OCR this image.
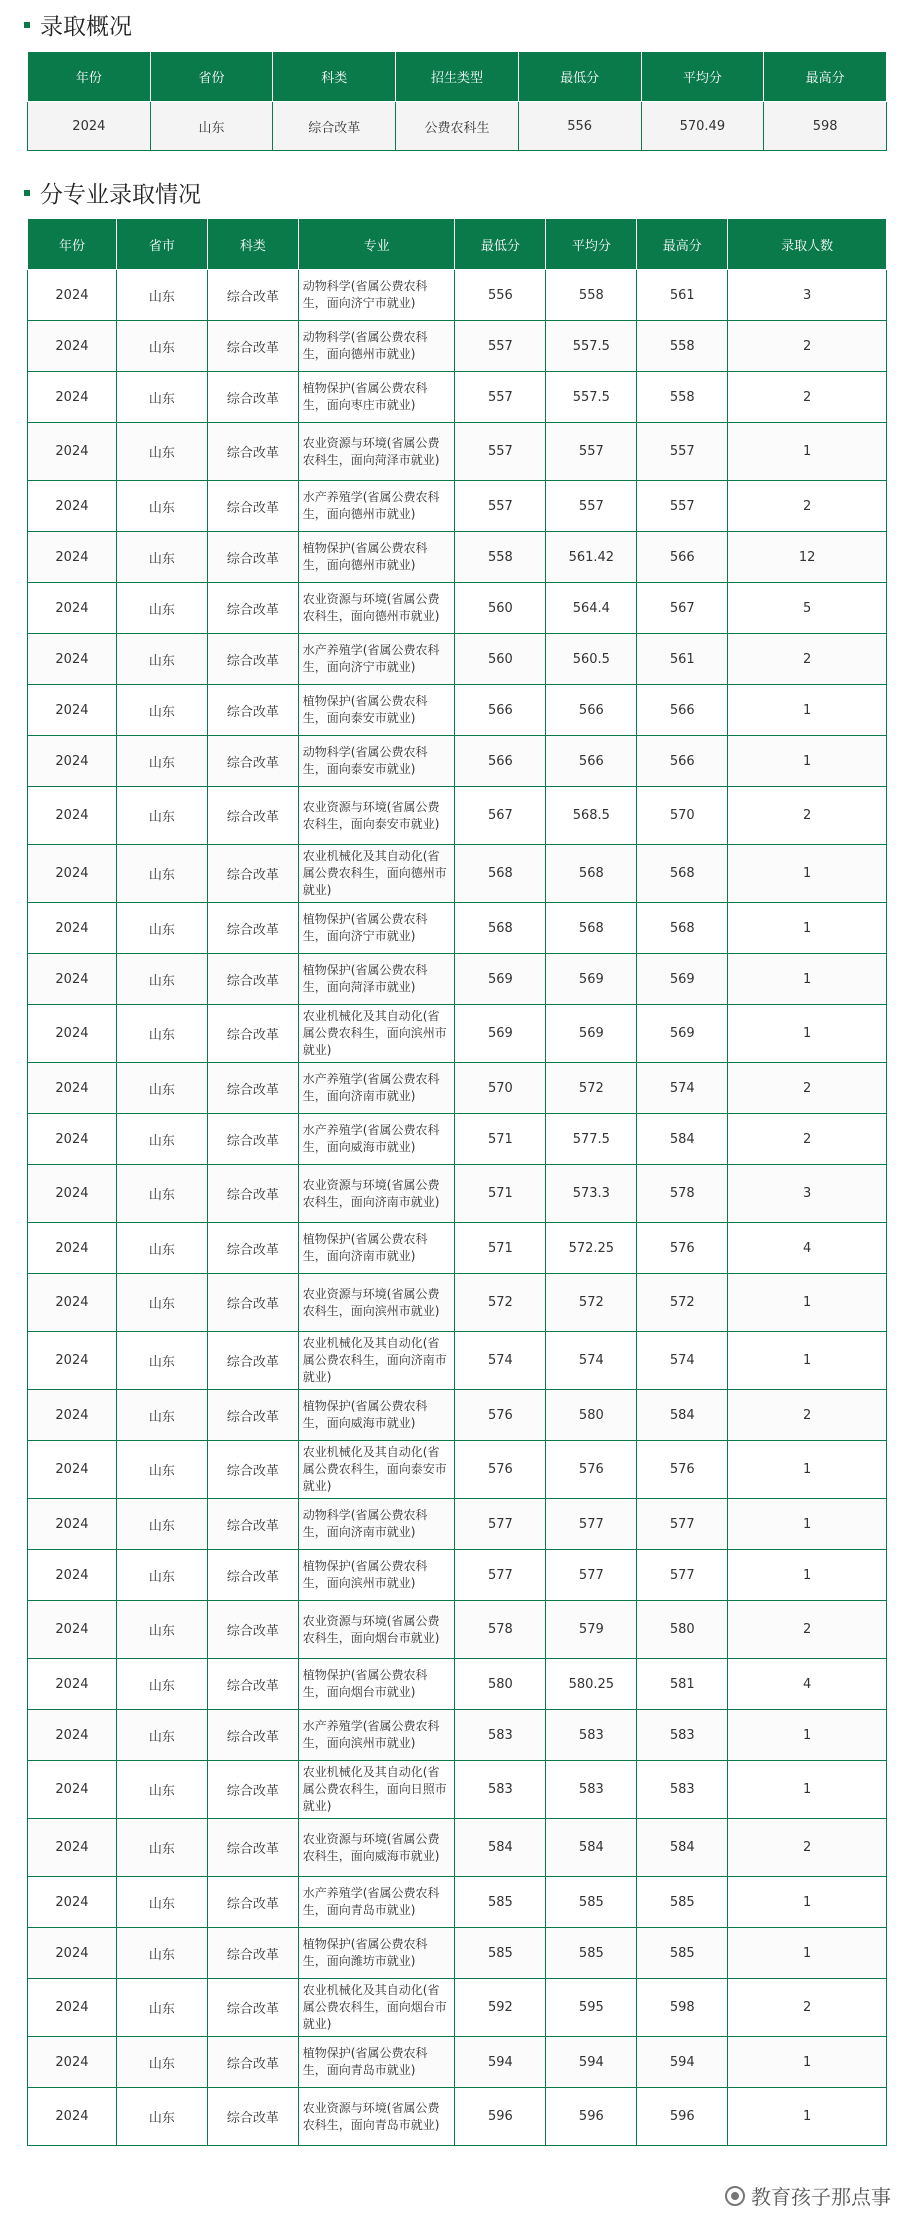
录取概况
年份	省份	科类	招生类型	最低分	平均分	最高分
2024	山东	综合改革	公费农科生	556	570.49	598
分专业录取情况
年份	省市	科类	专业	最低分	平均分	最高分	录取人数
2024	山东	综合改革	动物科学(省属公费农科生，面向济宁市就业)	556	558	561	3
2024	山东	综合改革	动物科学(省属公费农科生，面向德州市就业)	557	557.5	558	2
2024	山东	综合改革	植物保护(省属公费农科生，面向枣庄市就业)	557	557.5	558	2
2024	山东	综合改革	农业资源与环境(省属公费农科生，面向菏泽市就业)	557	557	557	1
2024	山东	综合改革	水产养殖学(省属公费农科生，面向德州市就业)	557	557	557	2
2024	山东	综合改革	植物保护(省属公费农科生，面向德州市就业)	558	561.42	566	12
2024	山东	综合改革	农业资源与环境(省属公费农科生，面向德州市就业)	560	564.4	567	5
2024	山东	综合改革	水产养殖学(省属公费农科生，面向济宁市就业)	560	560.5	561	2
2024	山东	综合改革	植物保护(省属公费农科生，面向泰安市就业)	566	566	566	1
2024	山东	综合改革	动物科学(省属公费农科生，面向泰安市就业)	566	566	566	1
2024	山东	综合改革	农业资源与环境(省属公费农科生，面向泰安市就业)	567	568.5	570	2
2024	山东	综合改革	农业机械化及其自动化(省属公费农科生，面向德州市就业)	568	568	568	1
2024	山东	综合改革	植物保护(省属公费农科生，面向济宁市就业)	568	568	568	1
2024	山东	综合改革	植物保护(省属公费农科生，面向菏泽市就业)	569	569	569	1
2024	山东	综合改革	农业机械化及其自动化(省属公费农科生，面向滨州市就业)	569	569	569	1
2024	山东	综合改革	水产养殖学(省属公费农科生，面向济南市就业)	570	572	574	2
2024	山东	综合改革	水产养殖学(省属公费农科生，面向威海市就业)	571	577.5	584	2
2024	山东	综合改革	农业资源与环境(省属公费农科生，面向济南市就业)	571	573.3	578	3
2024	山东	综合改革	植物保护(省属公费农科生，面向济南市就业)	571	572.25	576	4
2024	山东	综合改革	农业资源与环境(省属公费农科生，面向滨州市就业)	572	572	572	1
2024	山东	综合改革	农业机械化及其自动化(省属公费农科生，面向济南市就业)	574	574	574	1
2024	山东	综合改革	植物保护(省属公费农科生，面向威海市就业)	576	580	584	2
2024	山东	综合改革	农业机械化及其自动化(省属公费农科生，面向泰安市就业)	576	576	576	1
2024	山东	综合改革	动物科学(省属公费农科生，面向济南市就业)	577	577	577	1
2024	山东	综合改革	植物保护(省属公费农科生，面向滨州市就业)	577	577	577	1
2024	山东	综合改革	农业资源与环境(省属公费农科生，面向烟台市就业)	578	579	580	2
2024	山东	综合改革	植物保护(省属公费农科生，面向烟台市就业)	580	580.25	581	4
2024	山东	综合改革	水产养殖学(省属公费农科生，面向滨州市就业)	583	583	583	1
2024	山东	综合改革	农业机械化及其自动化(省属公费农科生，面向日照市就业)	583	583	583	1
2024	山东	综合改革	农业资源与环境(省属公费农科生，面向威海市就业)	584	584	584	2
2024	山东	综合改革	水产养殖学(省属公费农科生，面向青岛市就业)	585	585	585	1
2024	山东	综合改革	植物保护(省属公费农科生，面向潍坊市就业)	585	585	585	1
2024	山东	综合改革	农业机械化及其自动化(省属公费农科生，面向烟台市就业)	592	595	598	2
2024	山东	综合改革	植物保护(省属公费农科生，面向青岛市就业)	594	594	594	1
2024	山东	综合改革	农业资源与环境(省属公费农科生，面向青岛市就业)	596	596	596	1
教育孩子那点事
